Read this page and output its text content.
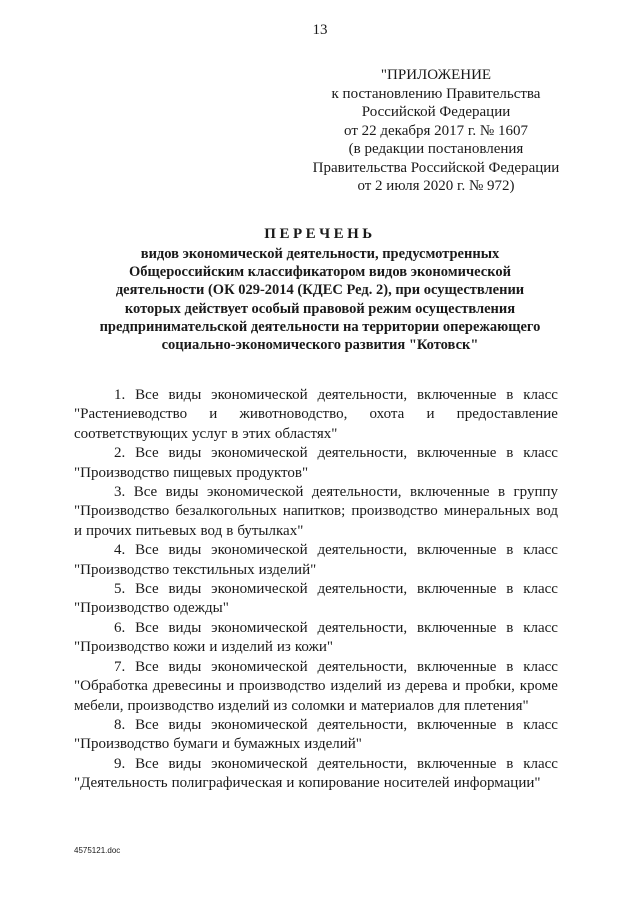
13
"ПРИЛОЖЕНИЕ
к постановлению Правительства
Российской Федерации
от 22 декабря 2017 г. № 1607
(в редакции постановления
Правительства Российской Федерации
от 2 июля 2020 г. № 972)
ПЕРЕЧЕНЬ
видов экономической деятельности, предусмотренных
Общероссийским классификатором видов экономической
деятельности (ОК 029-2014 (КДЕС Ред. 2), при осуществлении
которых действует особый правовой режим осуществления
предпринимательской деятельности на территории опережающего
социально-экономического развития "Котовск"
1. Все виды экономической деятельности, включенные в класс
"Растениеводство и животноводство, охота и предоставление
соответствующих услуг в этих областях"
2. Все виды экономической деятельности, включенные в класс
"Производство пищевых продуктов"
3. Все виды экономической деятельности, включенные в группу
"Производство безалкогольных напитков; производство минеральных вод
и прочих питьевых вод в бутылках"
4. Все виды экономической деятельности, включенные в класс
"Производство текстильных изделий"
5. Все виды экономической деятельности, включенные в класс
"Производство одежды"
6. Все виды экономической деятельности, включенные в класс
"Производство кожи и изделий из кожи"
7. Все виды экономической деятельности, включенные в класс
"Обработка древесины и производство изделий из дерева и пробки, кроме
мебели, производство изделий из соломки и материалов для плетения"
8. Все виды экономической деятельности, включенные в класс
"Производство бумаги и бумажных изделий"
9. Все виды экономической деятельности, включенные в класс
"Деятельность полиграфическая и копирование носителей информации"
4575121.doc
